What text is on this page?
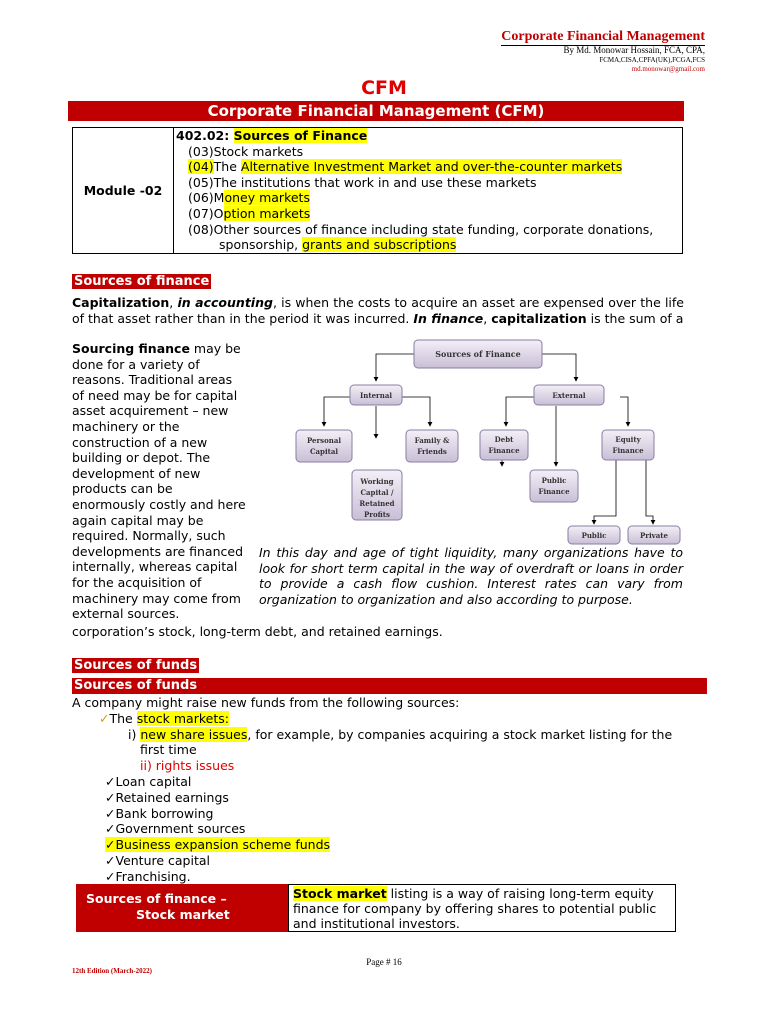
Corporate Financial Management
By Md. Monowar Hossain, FCA, CPA,
FCMA,CISA,CPFA(UK),FCGA,FCS
md.monowar@gmail.com
CFM
Corporate Financial Management (CFM)
Module -02
402.02: Sources of Finance
(03)Stock markets
(04)The Alternative Investment Market and over-the-counter markets
(05)The institutions that work in and use these markets
(06)Money markets
(07)Option markets
(08)Other sources of finance including state funding, corporate donations,
sponsorship, grants and subscriptions
Sources of finance
Capitalization, in accounting, is when the costs to acquire an asset are expensed over the life of that asset rather than in the period it was incurred. In finance, capitalization is the sum of a
Sourcing finance may be done for a variety of reasons. Traditional areas of need may be for capital asset acquirement – new machinery or the construction of a new building or depot. The development of new products can be enormously costly and here again capital may be required. Normally, such developments are financed internally, whereas capital for the acquisition of machinery may come from external sources.
Sources of Finance
Internal	External
Personal
Capital
Family &
Friends
Working
Capital /
Retained
Profits
Debt
Finance
Equity
Finance
Public
Finance
Public	Private
In this day and age of tight liquidity, many organizations have to look for short term capital in the way of overdraft or loans in order to provide a cash flow cushion. Interest rates can vary from organization to organization and also according to purpose.
corporation’s stock, long-term debt, and retained earnings.
Sources of funds
Sources of funds
A company might raise new funds from the following sources:
✓The stock markets:
i) new share issues, for example, by companies acquiring a stock market listing for the
first time
ii) rights issues
✓Loan capital
✓Retained earnings
✓Bank borrowing
✓Government sources
✓Business expansion scheme funds
✓Venture capital
✓Franchising.
Sources of finance –
Stock market
Stock market listing is a way of raising long-term equity finance for company by offering shares to potential public and institutional investors.
Page # 16
12th Edition (March-2022)
